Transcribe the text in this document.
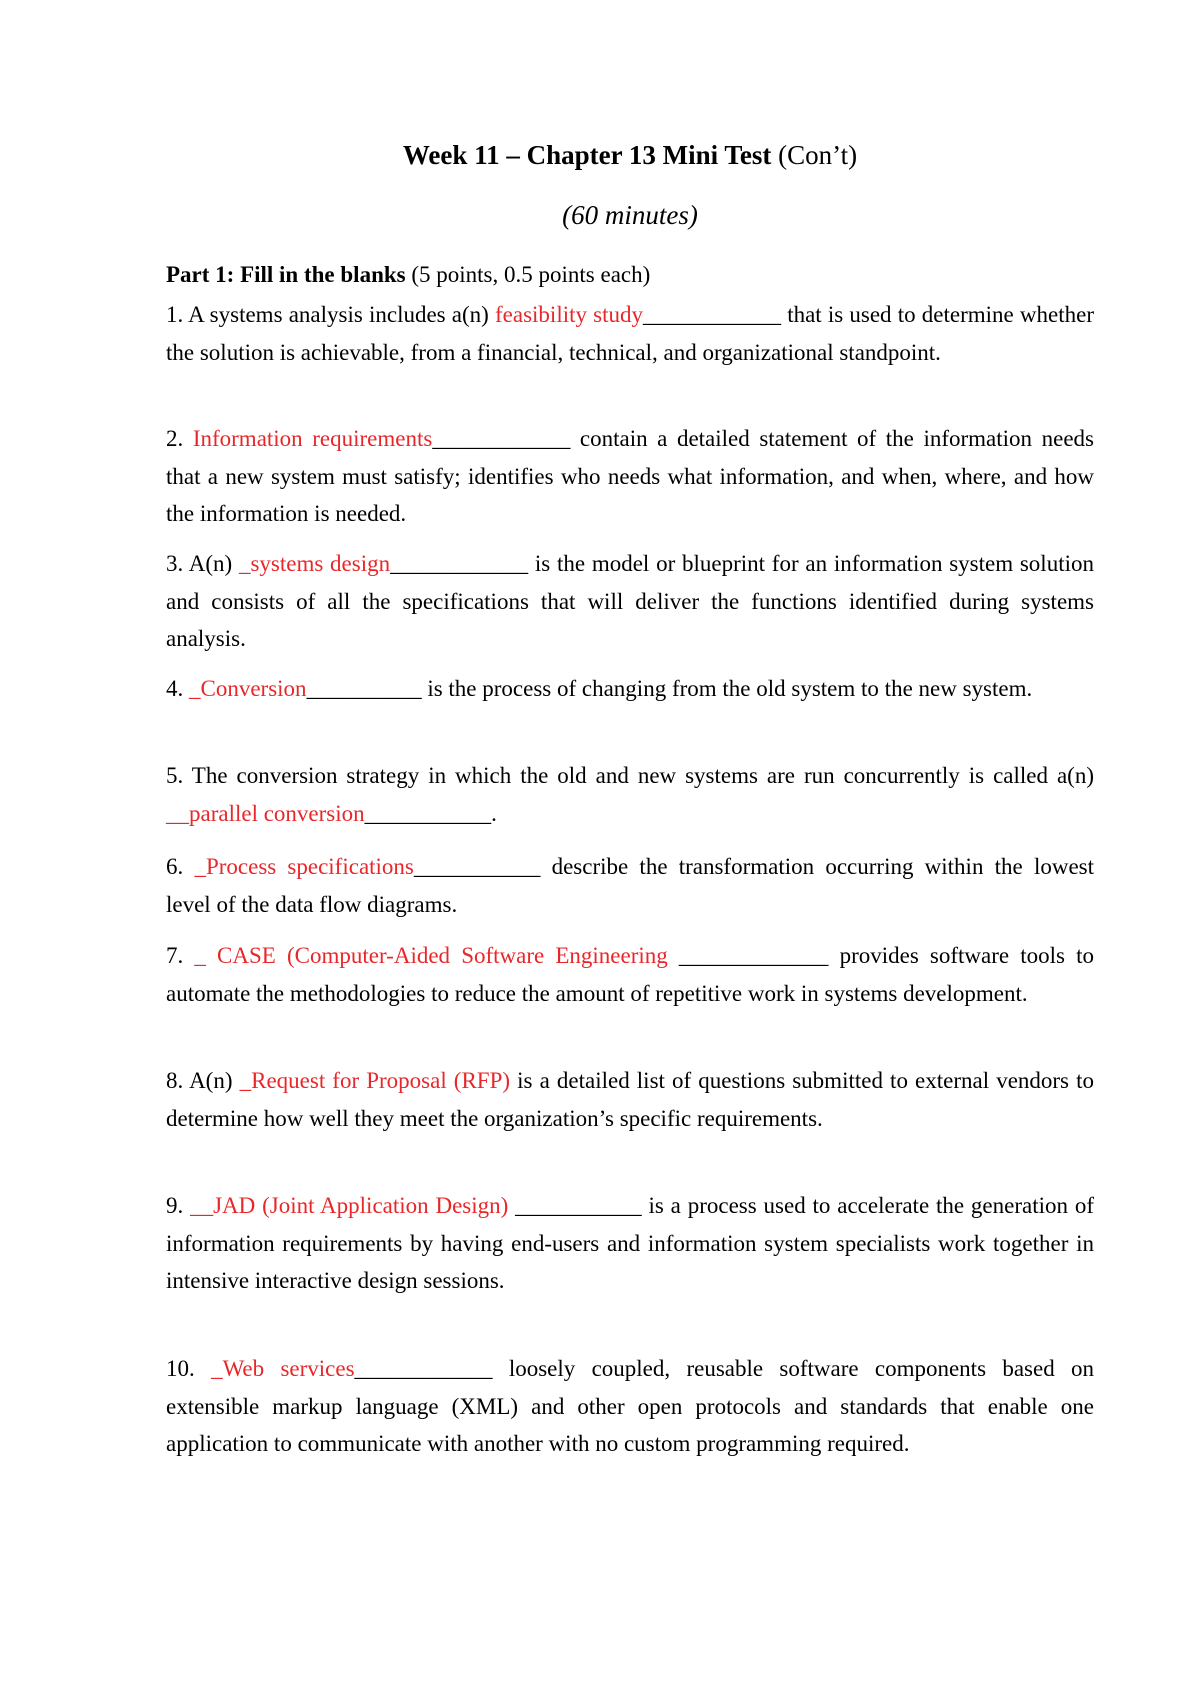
Week 11 – Chapter 13 Mini Test (Con’t)
(60 minutes)
Part 1: Fill in the blanks (5 points, 0.5 points each)

1. A systems analysis includes a(n) feasibility study____________ that is used to determine whether the solution is achievable, from a financial, technical, and organizational standpoint.

2. Information requirements____________ contain a detailed statement of the information needs that a new system must satisfy; identifies who needs what information, and when, where, and how the information is needed.

3. A(n) _systems design____________ is the model or blueprint for an information system solution and consists of all the specifications that will deliver the functions identified during systems analysis.

4. _Conversion__________ is the process of changing from the old system to the new system.

5. The conversion strategy in which the old and new systems are run concurrently is called a(n) __parallel conversion___________.

6. _Process specifications___________ describe the transformation occurring within the lowest level of the data flow diagrams.

7. _ CASE (Computer-Aided Software Engineering _____________ provides software tools to automate the methodologies to reduce the amount of repetitive work in systems development.

8. A(n) _Request for Proposal (RFP) is a detailed list of questions submitted to external vendors to determine how well they meet the organization’s specific requirements.

9. __JAD (Joint Application Design) ___________ is a process used to accelerate the generation of information requirements by having end-users and information system specialists work together in intensive interactive design sessions.

10. _Web services____________ loosely coupled, reusable software components based on extensible markup language (XML) and other open protocols and standards that enable one application to communicate with another with no custom programming required.
